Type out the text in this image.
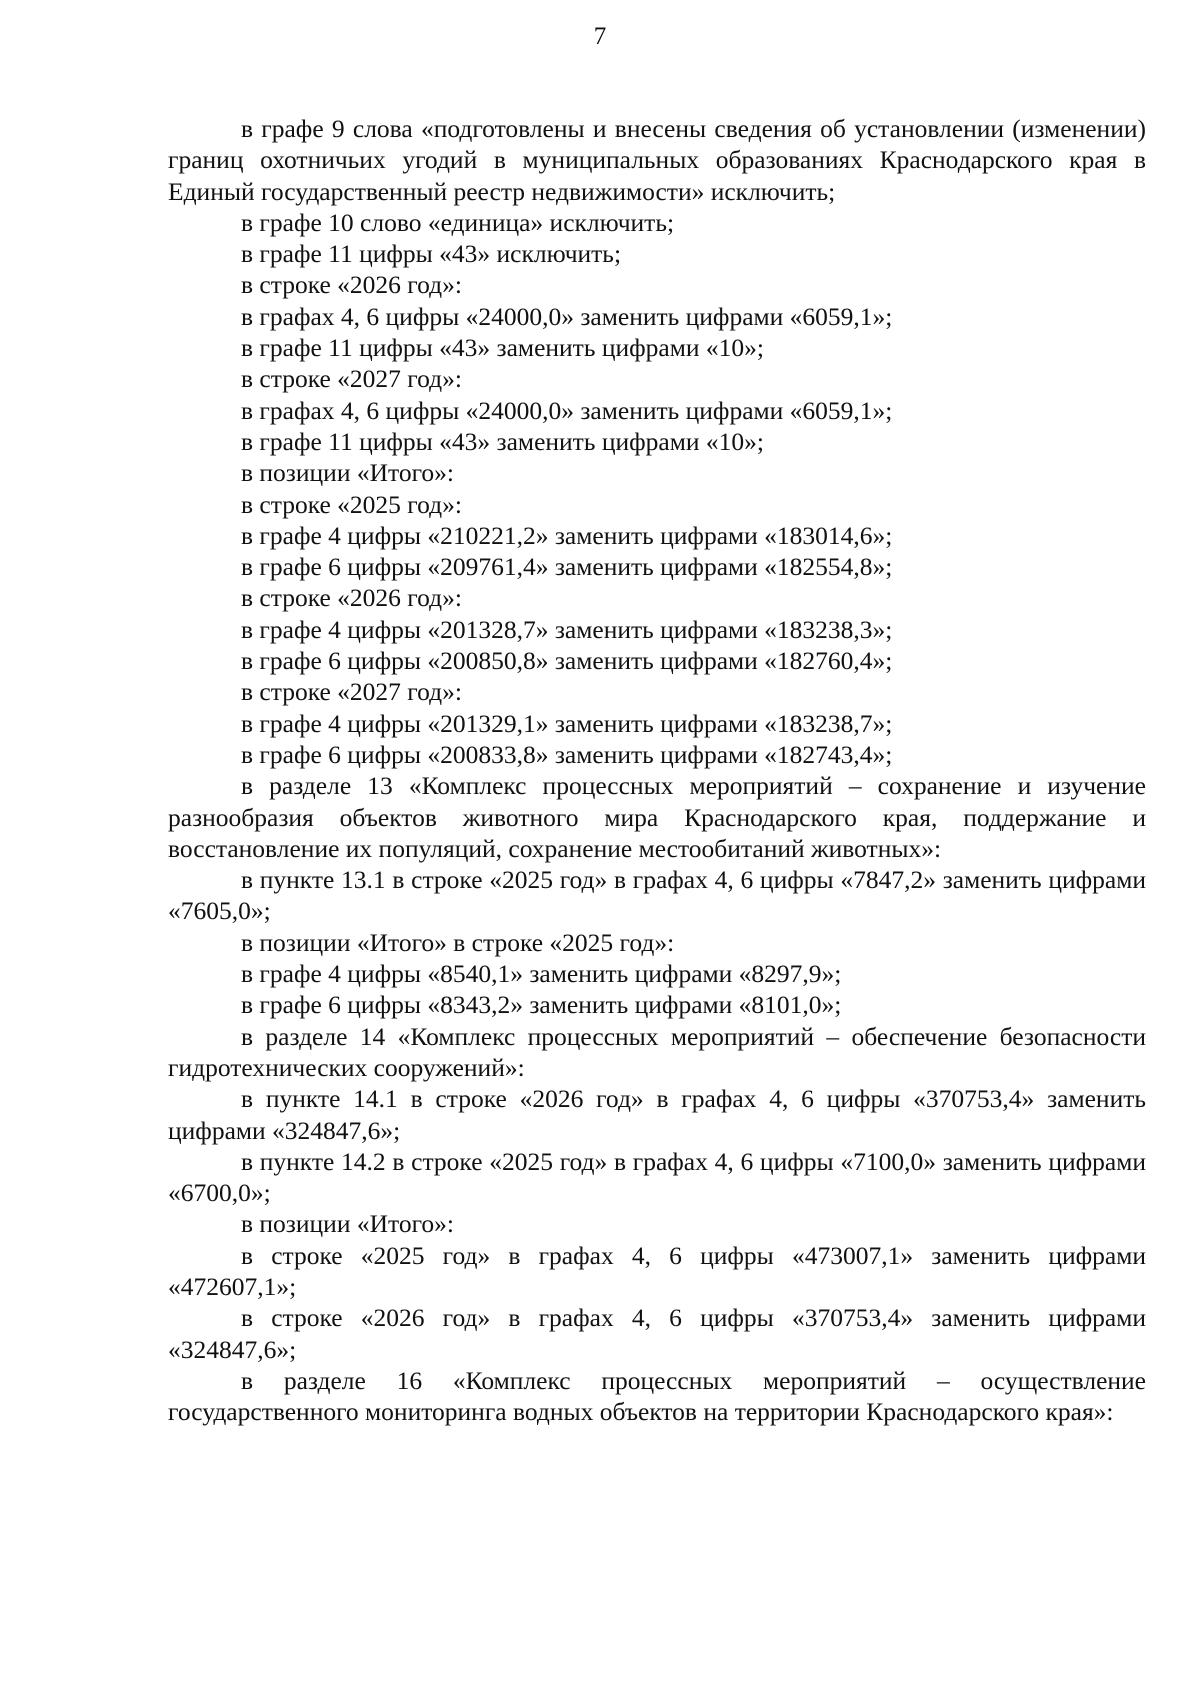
7

в графе 9 слова «подготовлены и внесены сведения об установлении (изменении) границ охотничьих угодий в муниципальных образованиях Краснодарского края в Единый государственный реестр недвижимости» исключить;

в графе 10 слово «единица» исключить;

в графе 11 цифры «43» исключить;

в строке «2026 год»:

в графах 4, 6 цифры «24000,0» заменить цифрами «6059,1»;

в графе 11 цифры «43» заменить цифрами «10»;

в строке «2027 год»:

в графах 4, 6 цифры «24000,0» заменить цифрами «6059,1»;

в графе 11 цифры «43» заменить цифрами «10»;

в позиции «Итого»:

в строке «2025 год»:

в графе 4 цифры «210221,2» заменить цифрами «183014,6»;

в графе 6 цифры «209761,4» заменить цифрами «182554,8»;

в строке «2026 год»:

в графе 4 цифры «201328,7» заменить цифрами «183238,3»;

в графе 6 цифры «200850,8» заменить цифрами «182760,4»;

в строке «2027 год»:

в графе 4 цифры «201329,1» заменить цифрами «183238,7»;

в графе 6 цифры «200833,8» заменить цифрами «182743,4»;

в разделе 13 «Комплекс процессных мероприятий – сохранение и изучение разнообразия объектов животного мира Краснодарского края, поддержание и восстановление их популяций, сохранение местообитаний животных»:

в пункте 13.1 в строке «2025 год» в графах 4, 6 цифры «7847,2» заменить цифрами «7605,0»;

в позиции «Итого» в строке «2025 год»:

в графе 4 цифры «8540,1» заменить цифрами «8297,9»;

в графе 6 цифры «8343,2» заменить цифрами «8101,0»;

в разделе 14 «Комплекс процессных мероприятий – обеспечение безопасности гидротехнических сооружений»:

в пункте 14.1 в строке «2026 год» в графах 4, 6 цифры «370753,4» заменить цифрами «324847,6»;

в пункте 14.2 в строке «2025 год» в графах 4, 6 цифры «7100,0» заменить цифрами «6700,0»;

в позиции «Итого»:

в строке «2025 год» в графах 4, 6 цифры «473007,1» заменить цифрами «472607,1»;

в строке «2026 год» в графах 4, 6 цифры «370753,4» заменить цифрами «324847,6»;

в разделе 16 «Комплекс процессных мероприятий – осуществление государственного мониторинга водных объектов на территории Краснодарского края»:
